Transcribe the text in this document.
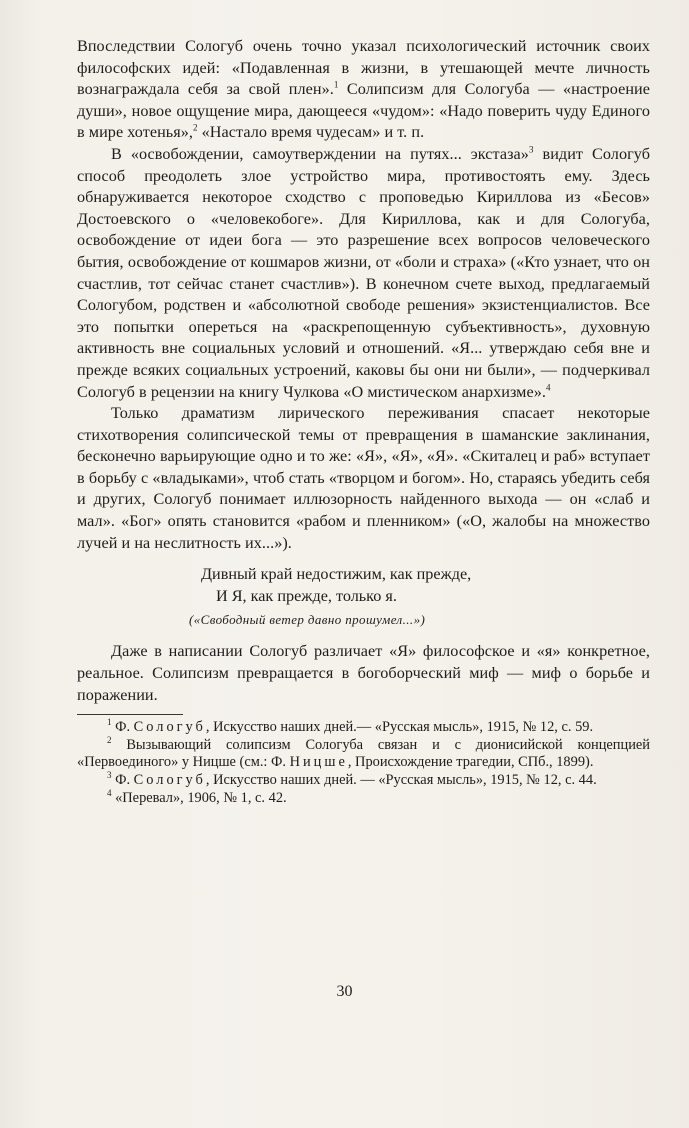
Впоследствии Сологуб очень точно указал психологический источник своих философских идей: «Подавленная в жизни, в утешающей мечте личность вознаграждала себя за свой плен».$^1$ Солипсизм для Сологуба — «настроение души», новое ощущение мира, дающееся «чудом»: «Надо поверить чуду Единого в мире хотенья»,$^2$ «Настало время чудесам» и т. п.

В «освобождении, самоутверждении на путях... экстаза»$^3$ видит Сологуб способ преодолеть злое устройство мира, противостоять ему. Здесь обнаруживается некоторое сходство с проповедью Кириллова из «Бесов» Достоевского о «человекобоге». Для Кириллова, как и для Сологуба, освобождение от идеи бога — это разрешение всех вопросов человеческого бытия, освобождение от кошмаров жизни, от «боли и страха» («Кто узнает, что он счастлив, тот сейчас станет счастлив»). В конечном счете выход, предлагаемый Сологубом, родствен и «абсолютной свободе решения» экзистенциалистов. Все это попытки опереться на «раскрепощенную субъективность», духовную активность вне социальных условий и отношений. «Я... утверждаю себя вне и прежде всяких социальных устроений, каковы бы они ни были», — подчеркивал Сологуб в рецензии на книгу Чулкова «О мистическом анархизме».$^4$

Только драматизм лирического переживания спасает некоторые стихотворения солипсической темы от превращения в шаманские заклинания, бесконечно варьирующие одно и то же: «Я», «Я», «Я». «Скиталец и раб» вступает в борьбу с «владыками», чтоб стать «творцом и богом». Но, стараясь убедить себя и других, Сологуб понимает иллюзорность найденного выхода — он «слаб и мал». «Бог» опять становится «рабом и пленником» («О, жалобы на множество лучей и на неслитность их...»).

Дивный край недостижим, как прежде,
И Я, как прежде, только я.
(«Свободный ветер давно прошумел...»)

Даже в написании Сологуб различает «Я» философское и «я» конкретное, реальное. Солипсизм превращается в богоборческий миф — миф о борьбе и поражении.

$^1$ Ф. Сологуб, Искусство наших дней.— «Русская мысль», 1915, № 12, с. 59.

$^2$ Вызывающий солипсизм Сологуба связан и с дионисийской концепцией «Первоединого» у Ницше (см.: Ф. Ницше, Происхождение трагедии, СПб., 1899).

$^3$ Ф. Сологуб, Искусство наших дней. — «Русская мысль», 1915, № 12, с. 44.

$^4$ «Перевал», 1906, № 1, с. 42.

30
